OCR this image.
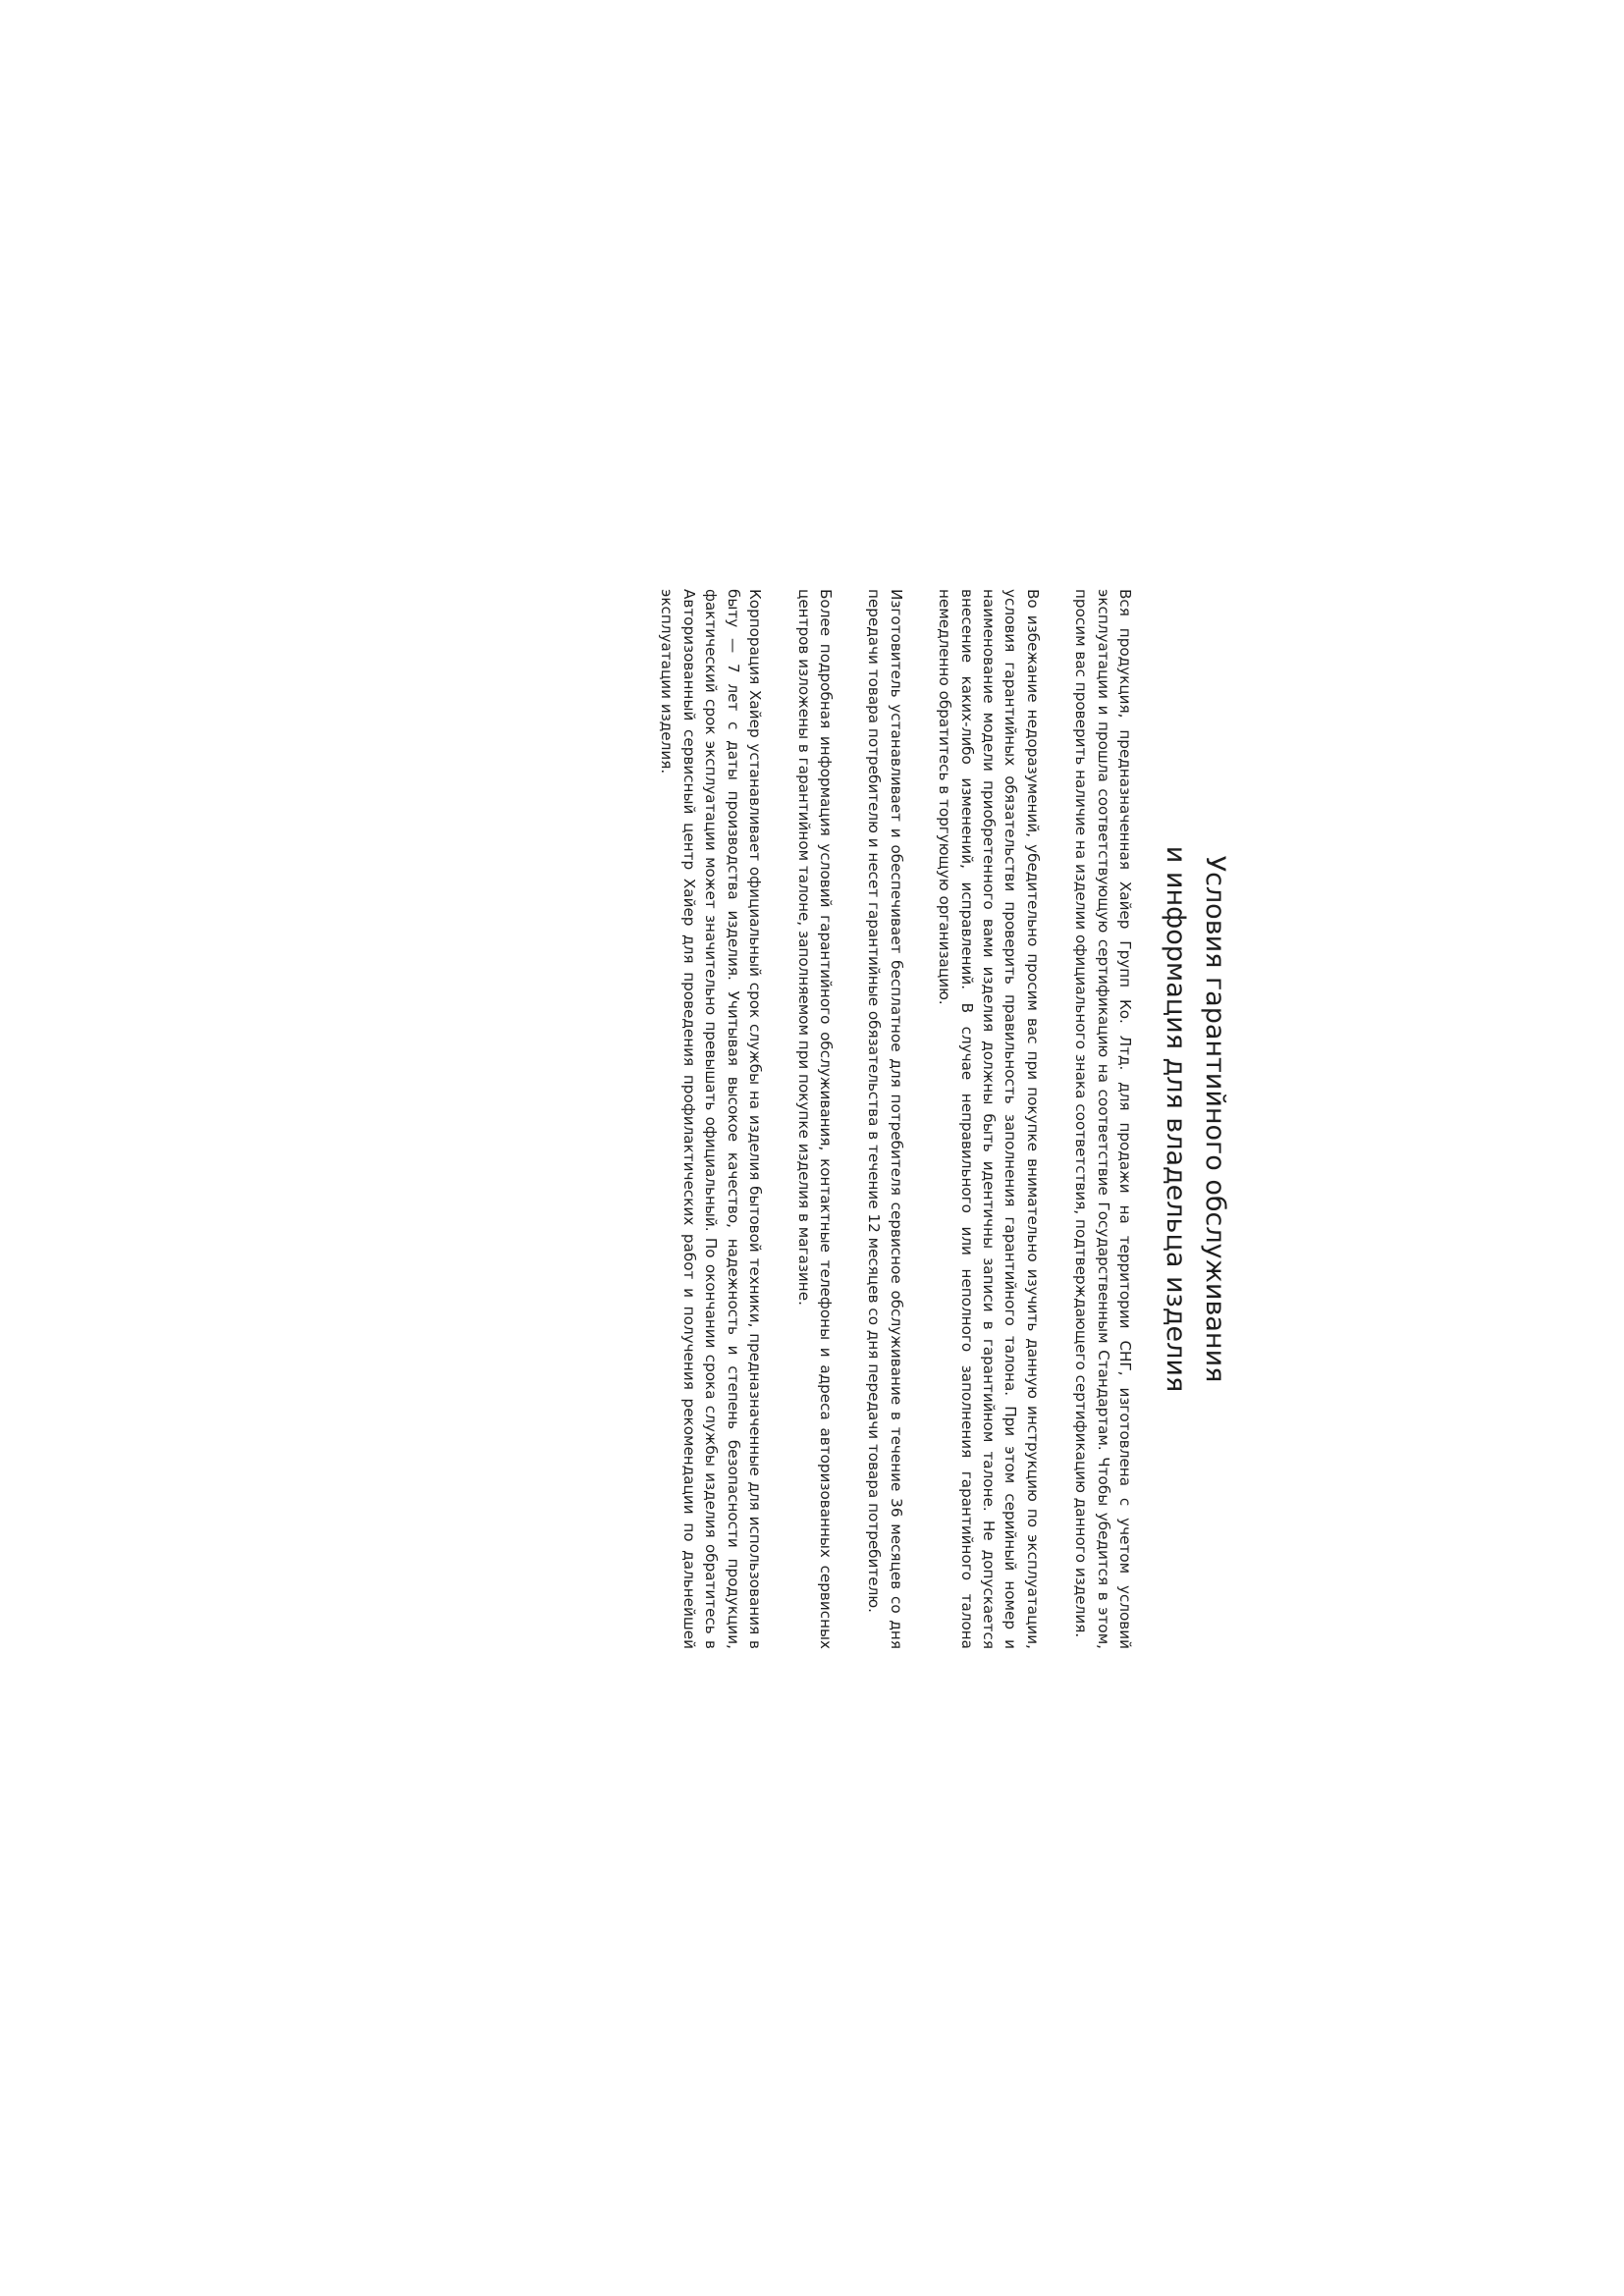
Условия гарантийного обслуживания
и информация для владельца изделия

Вся продукция, предназначенная Хайер Групп Ко. Лтд. для продажи на территории СНГ, изготовлена с учетом условий эксплуатации и прошла соответствующую сертификацию на соответствие Государственным Стандартам. Чтобы убедится в этом, просим вас проверить наличие на изделии официального знака соответствия, подтверждающего сертификацию данного изделия.

Во избежание недоразумений, убедительно просим вас при покупке внимательно изучить данную инструкцию по эксплуатации, условия гарантийных обязательстви проверить правильность заполнения гарантийного талона. При этом серийный номер и наименование модели приобретенного вами изделия должны быть идентичны записи в гарантийном талоне. Не допускается внесение каких-либо изменений, исправлений. В случае неправильного или неполного заполнения гарантийного талона немедленно обратитесь в торгующую организацию.

Изготовитель устанавливает и обеспечивает бесплатное для потребителя сервисное обслуживание в течение 36 месяцев со дня передачи товара потребителю и несет гарантийные обязательства в течение 12 месяцев со дня передачи товара потребителю.

Более подробная информация условий гарантийного обслуживания, контактные телефоны и адреса авторизованных сервисных центров изложены в гарантийном талоне, заполняемом при покупке изделия в магазине.

Корпорация Хайер устанавливает официальный срок службы на изделия бытовой техники, предназначенные для использования в быту — 7 лет с даты производства изделия. Учитывая высокое качество, надежность и степень безопасности продукции, фактический срок эксплуатации может значительно превышать официальный. По окончании срока службы изделия обратитесь в Авторизованный сервисный центр Хайер для проведения профилактических работ и получения рекомендации по дальнейшей эксплуатации изделия.
